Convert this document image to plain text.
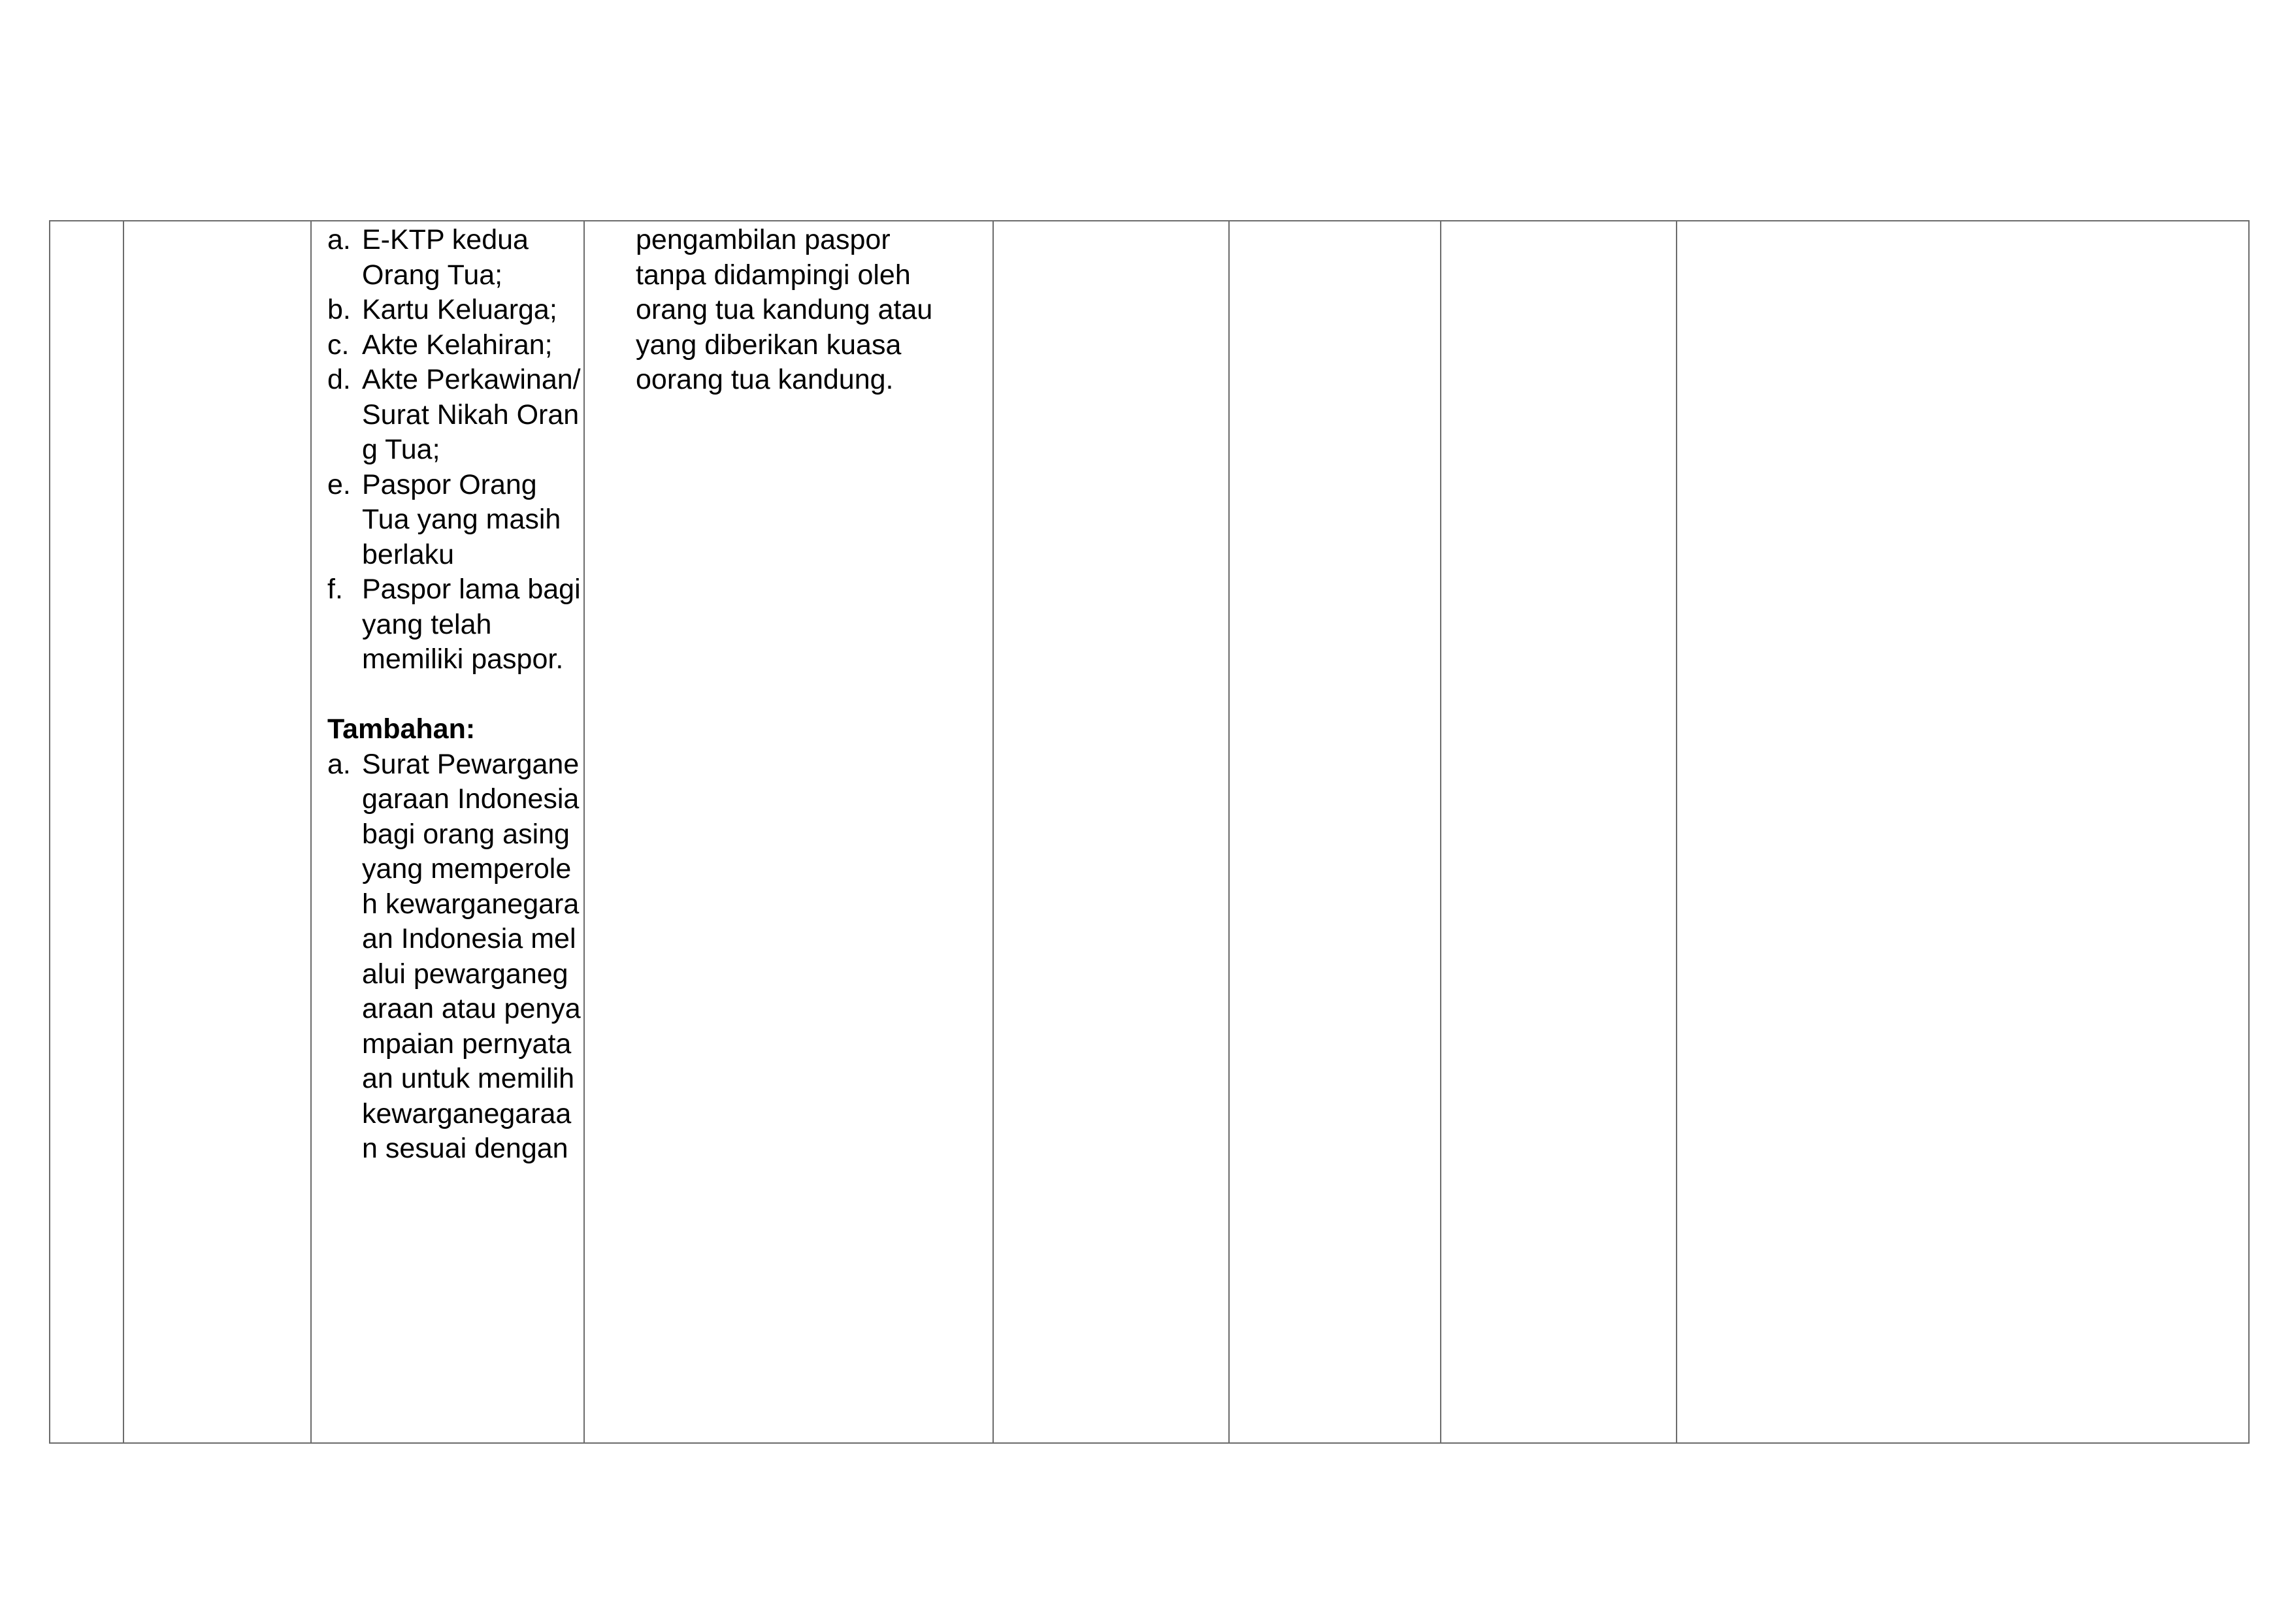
a. E-KTP kedua Orang Tua;
b. Kartu Keluarga;
c. Akte Kelahiran;
d. Akte Perkawinan/Surat Nikah Orang Tua;
e. Paspor Orang Tua yang masih berlaku
f. Paspor lama bagi yang telah memiliki paspor.
Tambahan:
a. Surat Pewarganegaraan Indonesia bagi orang asing yang memperoleh kewarganegaraan Indonesia melalui pewarganegaraan atau penyampaian pernyataan untuk memilih kewarganegaraan sesuai dengan

pengambilan paspor
tanpa didampingi oleh
orang tua kandung atau
yang diberikan kuasa
oorang tua kandung.
